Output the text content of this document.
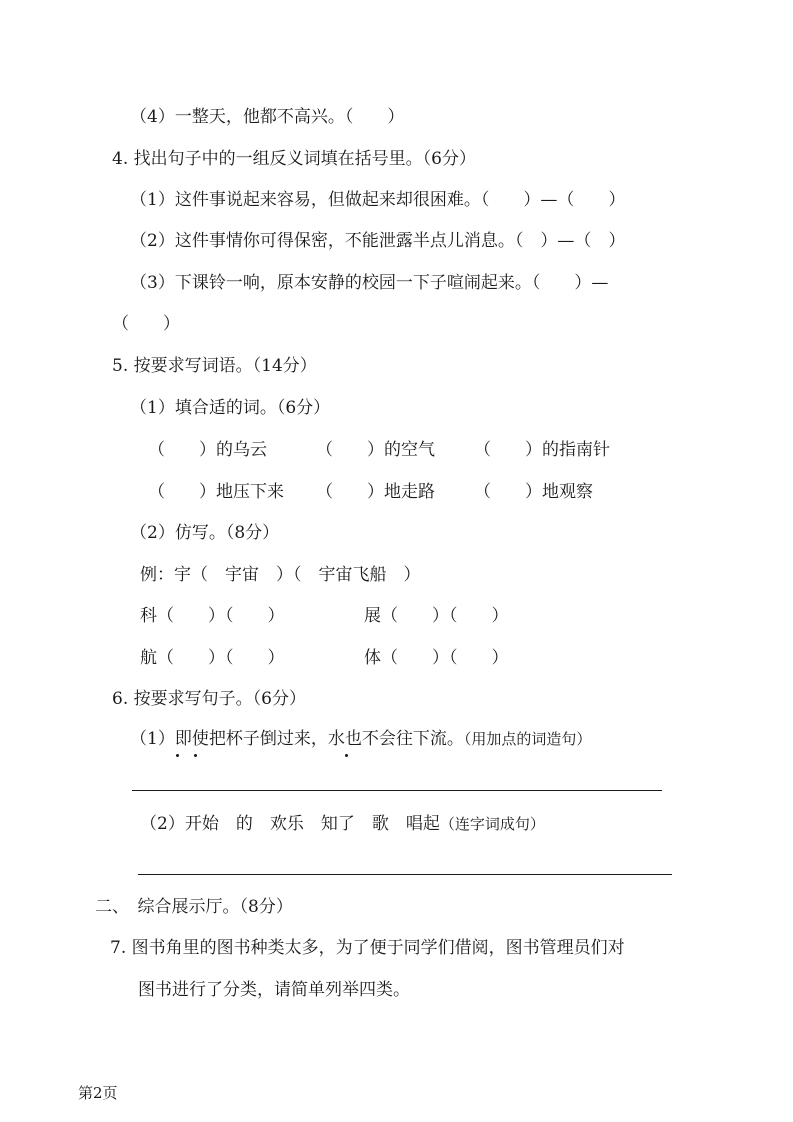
（4）一整天，他都不高兴。（　　）
4. 找出句子中的一组反义词填在括号里。（6分）
（1）这件事说起来容易，但做起来却很困难。（　　）—（　　）
（2）这件事情你可得保密，不能泄露半点儿消息。（　）—（　）
（3）下课铃一响，原本安静的校园一下子喧闹起来。（　　）—
（　　）
5. 按要求写词语。（14分）
（1）填合适的词。（6分）
（　　）的乌云	（　　）的空气 （　　）的指南针
（　　）地压下来 （　　）地走路 （　　）地观察
（2）仿写。（8分）
例：宇（　宇宙　）（　宇宙飞船　）
科（　　）（　　）	展（　　）（　　）
航（　　）（　　）	体（　　）（　　）
6. 按要求写句子。（6分）
（1）即使把杯子倒过来，水也不会往下流。（用加点的词造句）
（2）开始　的　欢乐　知了　歌　唱起（连字词成句）
二、　综合展示厅。（8分）
7. 图书角里的图书种类太多，为了便于同学们借阅，图书管理员们对
图书进行了分类，请简单列举四类。
第2页
